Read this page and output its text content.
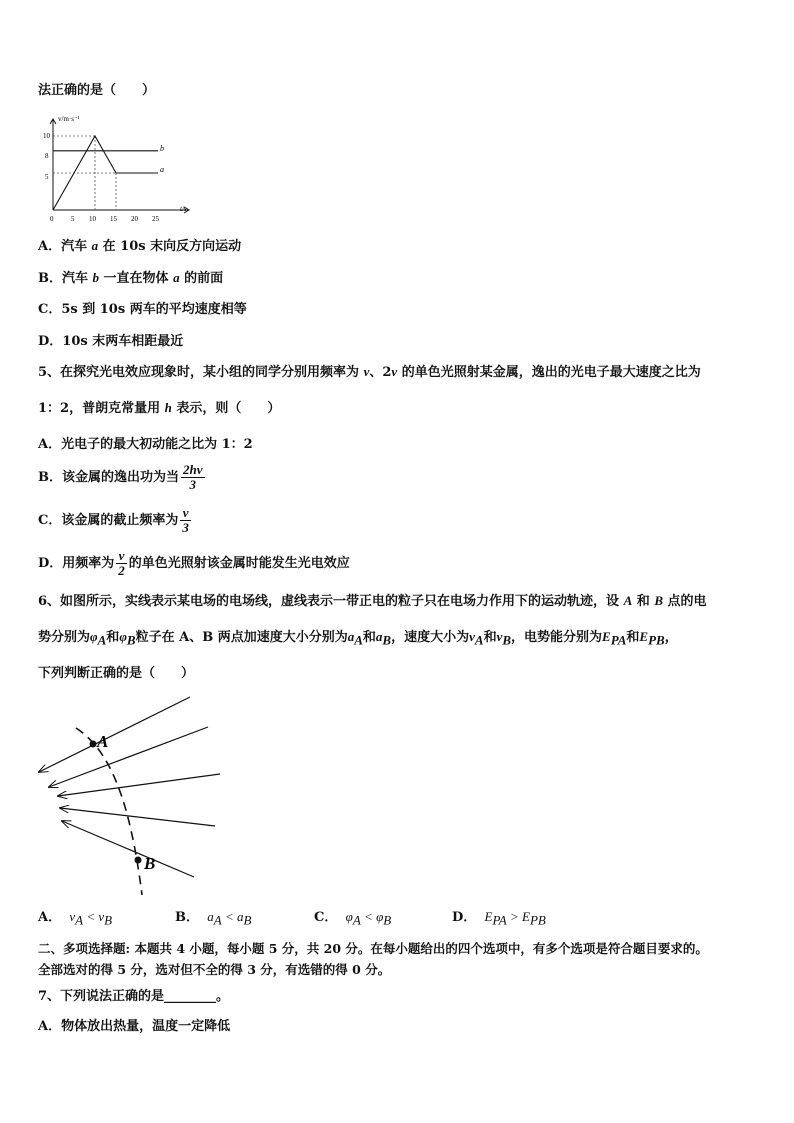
法正确的是（　　）
v/m·s⁻¹
t/s
b
a
10
8
5
0	5 10 15 20 25
A．汽车 a 在 10s 末向反方向运动
B．汽车 b 一直在物体 a 的前面
C．5s 到 10s 两车的平均速度相等
D．10s 末两车相距最近
5、在探究光电效应现象时，某小组的同学分别用频率为 ν、2ν 的单色光照射某金属，逸出的光电子最大速度之比为
1：2，普朗克常量用 h 表示，则（　　）
A．光电子的最大初动能之比为 1：2
B．该金属的逸出功为当 $\frac{2h\nu}{3}$
C．该金属的截止频率为 $\frac{\nu}{3}$
D．用频率为 $\frac{\nu}{2}$ 的单色光照射该金属时能发生光电效应
6、如图所示，实线表示某电场的电场线，虚线表示一带正电的粒子只在电场力作用下的运动轨迹，设 A 和 B 点的电
势分别为$\varphi_A$和$\varphi_B$粒子在 A、B 两点加速度大小分别为$a_A$和$a_B$，速度大小为$v_A$和$v_B$，电势能分别为$E_{PA}$和$E_{PB}$，
下列判断正确的是（　　）
A
B
A． $v_A < v_B$	B． $a_A < a_B$	C． $\varphi_A < \varphi_B$	D． $E_{PA} > E_{PB}$
二、多项选择题: 本题共 4 小题，每小题 5 分，共 20 分。在每小题给出的四个选项中，有多个选项是符合题目要求的。
全部选对的得 5 分，选对但不全的得 3 分，有选错的得 0 分。
7、下列说法正确的是________。
A．物体放出热量，温度一定降低
